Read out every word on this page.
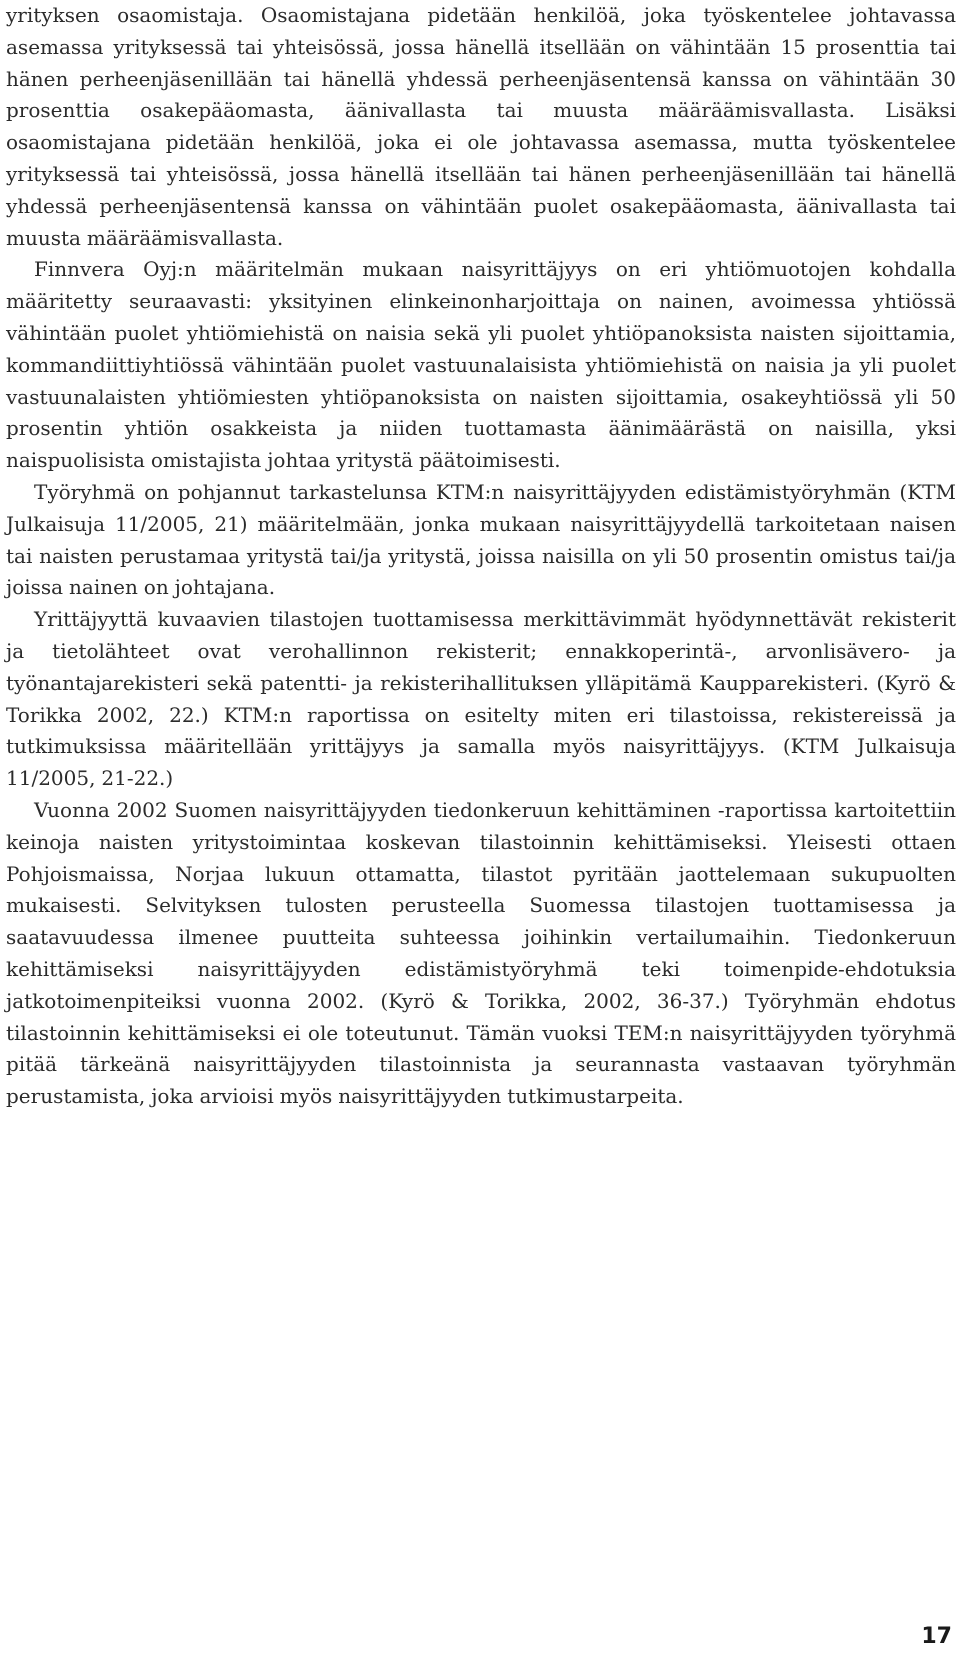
yrityksen osaomistaja. Osaomistajana pidetään henkilöä, joka työskentelee johtavassa asemassa yrityksessä tai yhteisössä, jossa hänellä itsellään on vähintään 15 prosenttia tai hänen perheenjäsenillään tai hänellä yhdessä perheenjäsentensä kanssa on vähintään 30 prosenttia osakepääomasta, äänivallasta tai muusta määräämisvallasta. Lisäksi osaomistajana pidetään henkilöä, joka ei ole johtavassa asemassa, mutta työskentelee yrityksessä tai yhteisössä, jossa hänellä itsellään tai hänen perheenjäsenillään tai hänellä yhdessä perheenjäsentensä kanssa on vähintään puolet osakepääomasta, äänivallasta tai muusta määräämisvallasta.

Finnvera Oyj:n määritelmän mukaan naisyrittäjyys on eri yhtiömuotojen kohdalla määritetty seuraavasti: yksityinen elinkeinonharjoittaja on nainen, avoimessa yhtiössä vähintään puolet yhtiömiehistä on naisia sekä yli puolet yhtiöpanoksista naisten sijoittamia, kommandiittiyhtiössä vähintään puolet vastuunalaisista yhtiömiehistä on naisia ja yli puolet vastuunalaisten yhtiömiesten yhtiöpanoksista on naisten sijoittamia, osakeyhtiössä yli 50 prosentin yhtiön osakkeista ja niiden tuottamasta äänimäärästä on naisilla, yksi naispuolisista omistajista johtaa yritystä päätoimisesti.

Työryhmä on pohjannut tarkastelunsa KTM:n naisyrittäjyyden edistämistyöryhmän (KTM Julkaisuja 11/2005, 21) määritelmään, jonka mukaan naisyrittäjyydellä tarkoitetaan naisen tai naisten perustamaa yritystä tai/ja yritystä, joissa naisilla on yli 50 prosentin omistus tai/ja joissa nainen on johtajana.

Yrittäjyyttä kuvaavien tilastojen tuottamisessa merkittävimmät hyödynnettävät rekisterit ja tietolähteet ovat verohallinnon rekisterit; ennakkoperintä-, arvonlisävero- ja työnantajarekisteri sekä patentti- ja rekisterihallituksen ylläpitämä Kaupparekisteri. (Kyrö & Torikka 2002, 22.) KTM:n raportissa on esitelty miten eri tilastoissa, rekistereissä ja tutkimuksissa määritellään yrittäjyys ja samalla myös naisyrittäjyys. (KTM Julkaisuja 11/2005, 21-22.)

Vuonna 2002 Suomen naisyrittäjyyden tiedonkeruun kehittäminen -raportissa kartoitettiin keinoja naisten yritystoimintaa koskevan tilastoinnin kehittämiseksi. Yleisesti ottaen Pohjoismaissa, Norjaa lukuun ottamatta, tilastot pyritään jaottelemaan sukupuolten mukaisesti. Selvityksen tulosten perusteella Suomessa tilastojen tuottamisessa ja saatavuudessa ilmenee puutteita suhteessa joihinkin vertailumaihin. Tiedonkeruun kehittämiseksi naisyrittäjyyden edistämistyöryhmä teki toimenpide-ehdotuksia jatkotoimenpiteiksi vuonna 2002. (Kyrö & Torikka, 2002, 36-37.) Työryhmän ehdotus tilastoinnin kehittämiseksi ei ole toteutunut. Tämän vuoksi TEM:n naisyrittäjyyden työryhmä pitää tärkeänä naisyrittäjyyden tilastoinnista ja seurannasta vastaavan työryhmän perustamista, joka arvioisi myös naisyrittäjyyden tutkimustarpeita.

17
